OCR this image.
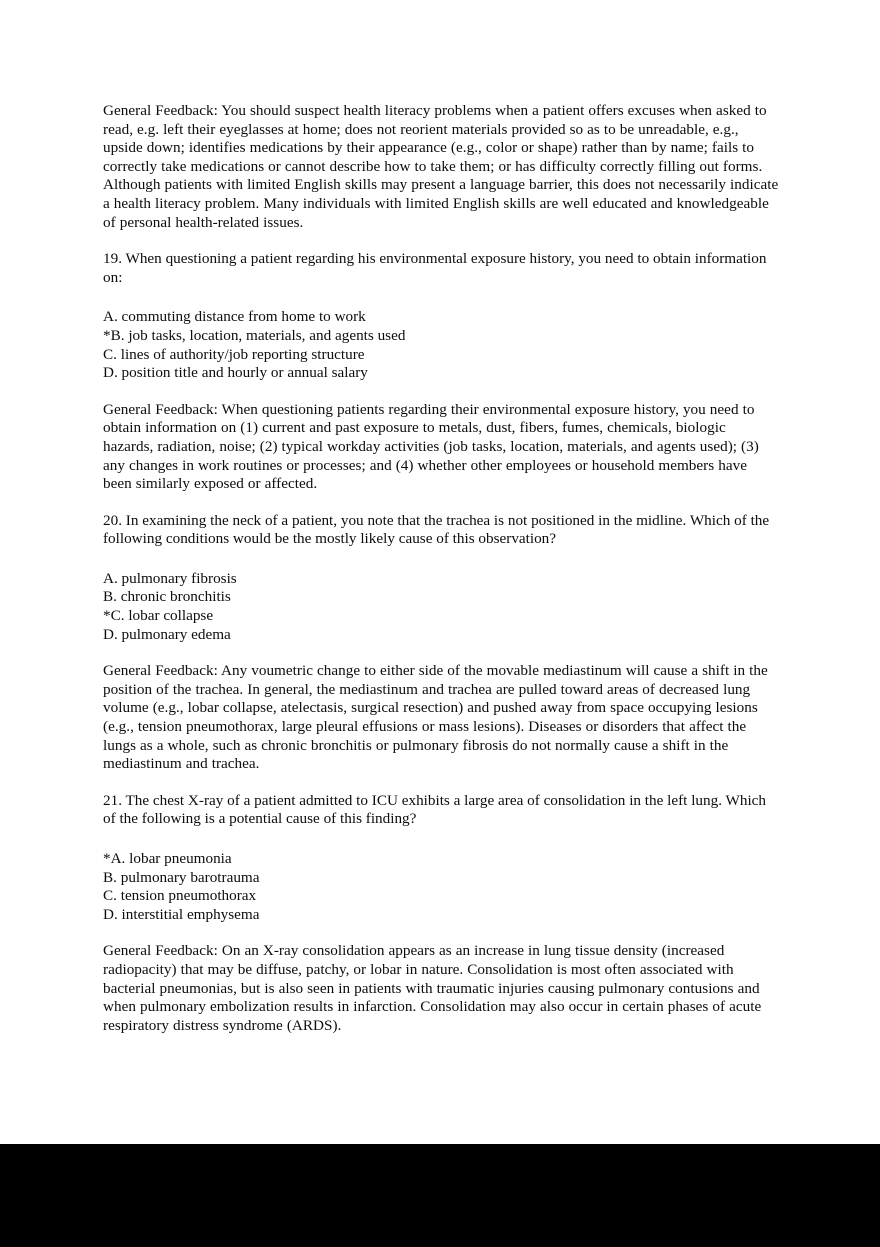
General Feedback: You should suspect health literacy problems when a patient offers excuses when asked to read, e.g. left their eyeglasses at home; does not reorient materials provided so as to be unreadable, e.g., upside down; identifies medications by their appearance (e.g., color or shape) rather than by name; fails to correctly take medications or cannot describe how to take them; or has difficulty correctly filling out forms. Although patients with limited English skills may present a language barrier, this does not necessarily indicate a health literacy problem. Many individuals with limited English skills are well educated and knowledgeable of personal health-related issues.

19. When questioning a patient regarding his environmental exposure history, you need to obtain information on:

A. commuting distance from home to work
*B. job tasks, location, materials, and agents used
C. lines of authority/job reporting structure
D. position title and hourly or annual salary

General Feedback: When questioning patients regarding their environmental exposure history, you need to obtain information on (1) current and past exposure to metals, dust, fibers, fumes, chemicals, biologic hazards, radiation, noise; (2) typical workday activities (job tasks, location, materials, and agents used); (3) any changes in work routines or processes; and (4) whether other employees or household members have been similarly exposed or affected.

20. In examining the neck of a patient, you note that the trachea is not positioned in the midline. Which of the following conditions would be the mostly likely cause of this observation?

A. pulmonary fibrosis
B. chronic bronchitis
*C. lobar collapse
D. pulmonary edema

General Feedback: Any voumetric change to either side of the movable mediastinum will cause a shift in the position of the trachea. In general, the mediastinum and trachea are pulled toward areas of decreased lung volume (e.g., lobar collapse, atelectasis, surgical resection) and pushed away from space occupying lesions (e.g., tension pneumothorax, large pleural effusions or mass lesions). Diseases or disorders that affect the lungs as a whole, such as chronic bronchitis or pulmonary fibrosis do not normally cause a shift in the mediastinum and trachea.

21. The chest X-ray of a patient admitted to ICU exhibits a large area of consolidation in the left lung. Which of the following is a potential cause of this finding?

*A. lobar pneumonia
B. pulmonary barotrauma
C. tension pneumothorax
D. interstitial emphysema

General Feedback: On an X-ray consolidation appears as an increase in lung tissue density (increased radiopacity) that may be diffuse, patchy, or lobar in nature. Consolidation is most often associated with bacterial pneumonias, but is also seen in patients with traumatic injuries causing pulmonary contusions and when pulmonary embolization results in infarction. Consolidation may also occur in certain phases of acute respiratory distress syndrome (ARDS).
